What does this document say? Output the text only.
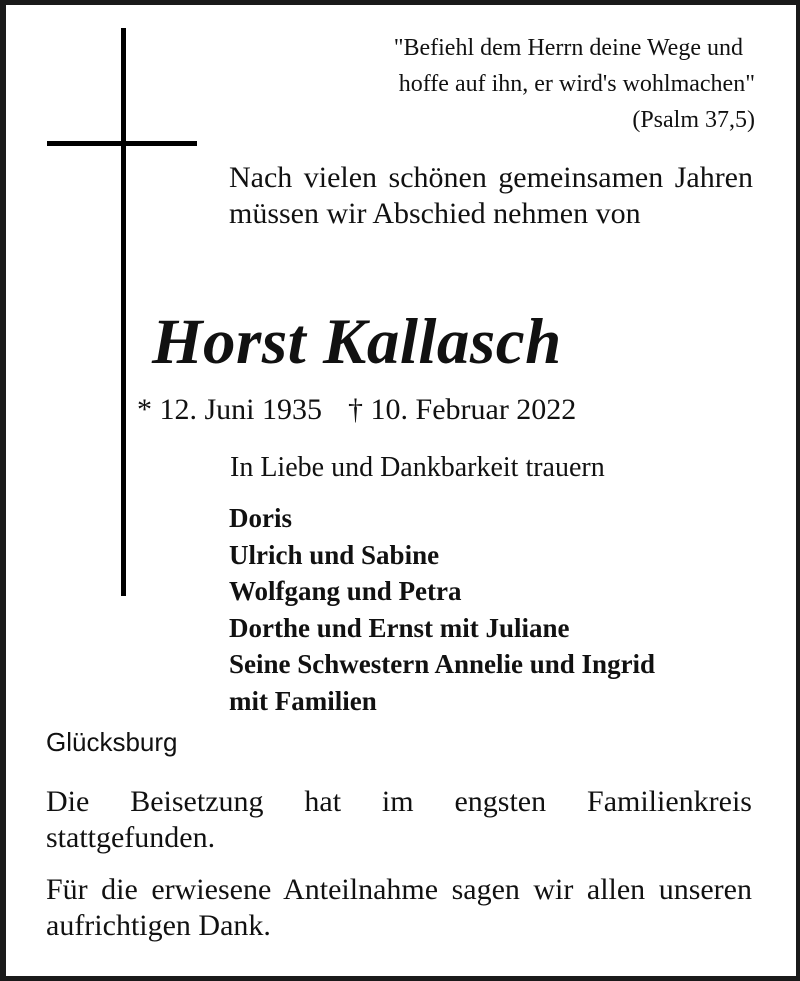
"Befiehl dem Herrn deine Wege und
hoffe auf ihn, er wird's wohlmachen"
(Psalm 37,5)
Nach vielen schönen gemeinsamen Jahren müssen wir Abschied nehmen von
Horst Kallasch
* 12. Juni 1935 † 10. Februar 2022
In Liebe und Dankbarkeit trauern
Doris
Ulrich und Sabine
Wolfgang und Petra
Dorthe und Ernst mit Juliane
Seine Schwestern Annelie und Ingrid
mit Familien
Glücksburg
Die Beisetzung hat im engsten Familienkreis stattgefunden.
Für die erwiesene Anteilnahme sagen wir allen unseren aufrichtigen Dank.
